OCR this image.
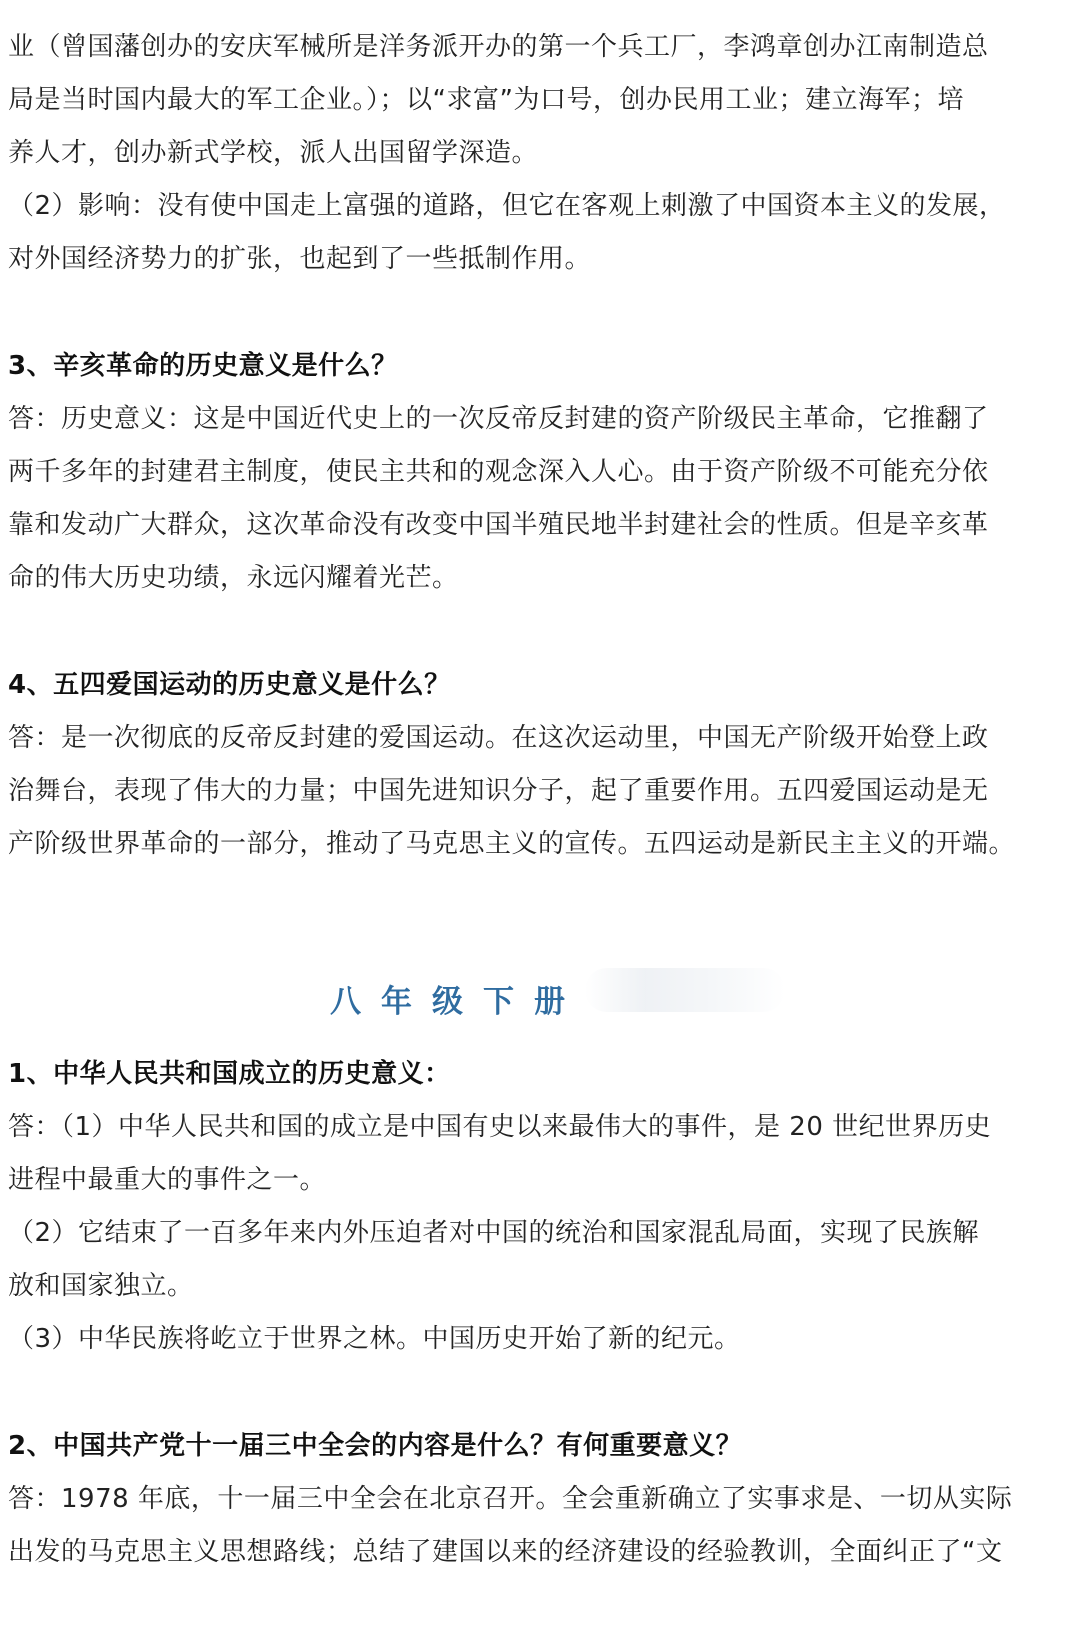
业（曾国藩创办的安庆军械所是洋务派开办的第一个兵工厂，李鸿章创办江南制造总
局是当时国内最大的军工企业。）；以“求富”为口号，创办民用工业；建立海军；培
养人才，创办新式学校，派人出国留学深造。
（2）影响：没有使中国走上富强的道路，但它在客观上刺激了中国资本主义的发展，
对外国经济势力的扩张，也起到了一些抵制作用。
3、辛亥革命的历史意义是什么？
答：历史意义：这是中国近代史上的一次反帝反封建的资产阶级民主革命，它推翻了
两千多年的封建君主制度，使民主共和的观念深入人心。由于资产阶级不可能充分依
靠和发动广大群众，这次革命没有改变中国半殖民地半封建社会的性质。但是辛亥革
命的伟大历史功绩，永远闪耀着光芒。
4、五四爱国运动的历史意义是什么？
答：是一次彻底的反帝反封建的爱国运动。在这次运动里，中国无产阶级开始登上政
治舞台，表现了伟大的力量；中国先进知识分子，起了重要作用。五四爱国运动是无
产阶级世界革命的一部分，推动了马克思主义的宣传。五四运动是新民主主义的开端。
八年级下册
1、中华人民共和国成立的历史意义：
答：（1）中华人民共和国的成立是中国有史以来最伟大的事件，是 20 世纪世界历史
进程中最重大的事件之一。
（2）它结束了一百多年来内外压迫者对中国的统治和国家混乱局面，实现了民族解
放和国家独立。
（3）中华民族将屹立于世界之林。中国历史开始了新的纪元。
2、中国共产党十一届三中全会的内容是什么？有何重要意义？
答：1978 年底，十一届三中全会在北京召开。全会重新确立了实事求是、一切从实际
出发的马克思主义思想路线；总结了建国以来的经济建设的经验教训，全面纠正了“文
